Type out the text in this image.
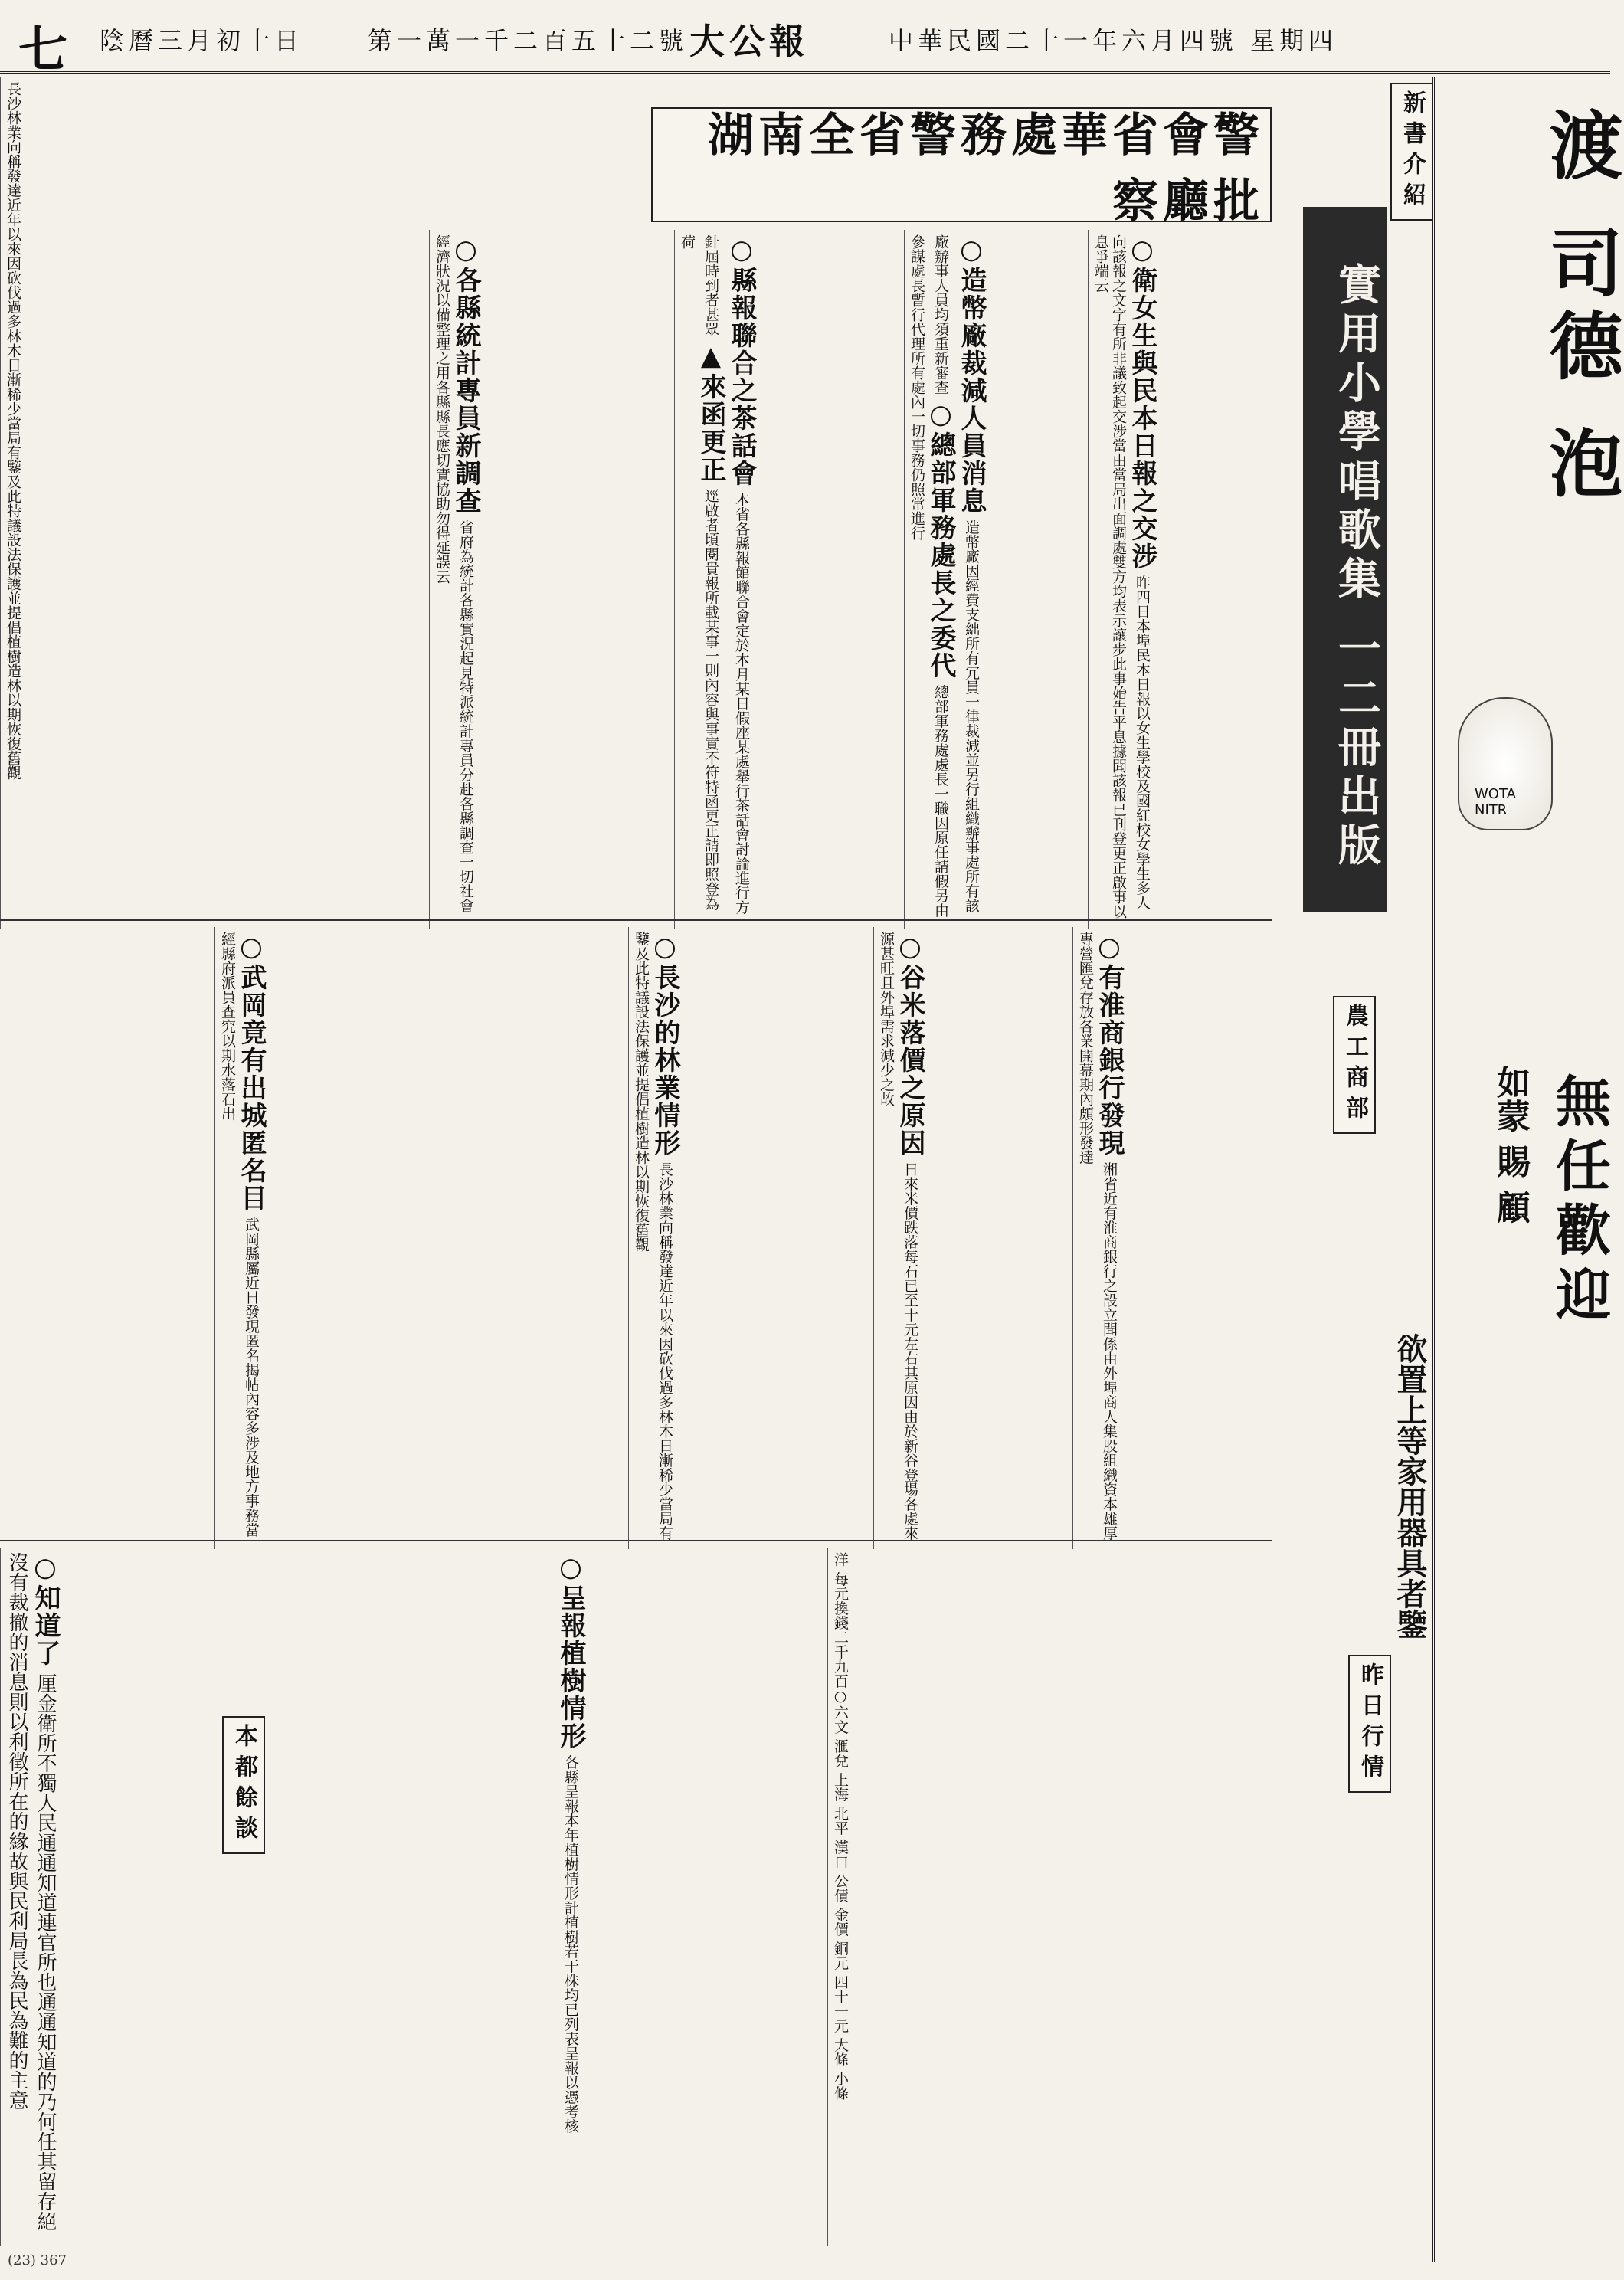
七 陰曆三月初十日	第一萬一千二百五十二號 大公報	中華民國二十一年六月四號 星期四
渡 司德 泡
WOTA NITR
無任歡迎
如蒙 賜 顧
新書介紹
實用小學唱歌集 一二冊出版
欲置上等家用器具者鑒
湖南全省警務處華省會警察廳批
○衛女生與民本日報之交涉 昨四日本埠民本日報以女生學校及國紅校女學生多人向該報之文字有所非議致起交涉當由當局出面調處雙方均表示讓步此事始告平息據聞該報已刊登更正啟事以息爭端云
○造幣廠裁減人員消息 造幣廠因經費支絀所有冗員一律裁減並另行組織辦事處所有該廠辦事人員均須重新審查 ○總部軍務處長之委代 總部軍務處處長一職因原任請假另由參謀處長暫行代理所有處內一切事務仍照常進行
○縣報聯合之茶話會 本省各縣報館聯合會定於本月某日假座某處舉行茶話會討論進行方針屆時到者甚眾 ▲來函更正 逕啟者頃閱貴報所載某事一則內容與事實不符特函更正請即照登為荷
○各縣統計專員新調查 省府為統計各縣實況起見特派統計專員分赴各縣調查一切社會經濟狀況以備整理之用各縣縣長應切實協助勿得延誤云
長沙林業向稱發達近年以來因砍伐過多林木日漸稀少當局有鑒及此特議設法保護並提倡植樹造林以期恢復舊觀
農工商部
○有淮商銀行發現 湘省近有淮商銀行之設立聞係由外埠商人集股組織資本雄厚專營匯兌存放各業開幕期內頗形發達
○谷米落價之原因 日來米價跌落每石已至十元左右其原因由於新谷登場各處來源甚旺且外埠需求減少之故
○長沙的林業情形 長沙林業向稱發達近年以來因砍伐過多林木日漸稀少當局有鑒及此特議設法保護並提倡植樹造林以期恢復舊觀
○武岡竟有出城匿名目 武岡縣屬近日發現匿名揭帖內容多涉及地方事務當經縣府派員查究以期水落石出
昨日行情
洋 每元換錢二千九百○六文 滙兌 上海 北平 漢口 公債 金價 銅元 四十一元 大條 小條
○呈報植樹情形 各縣呈報本年植樹情形計植樹若干株均已列表呈報以憑考核
本都餘談
○知道了 厘金衛所不獨人民通通知道連官所也通通知道的乃何任其留存絕沒有裁撤的消息則以利徵所在的緣故與民利局長為民為難的主意
(23) 367
